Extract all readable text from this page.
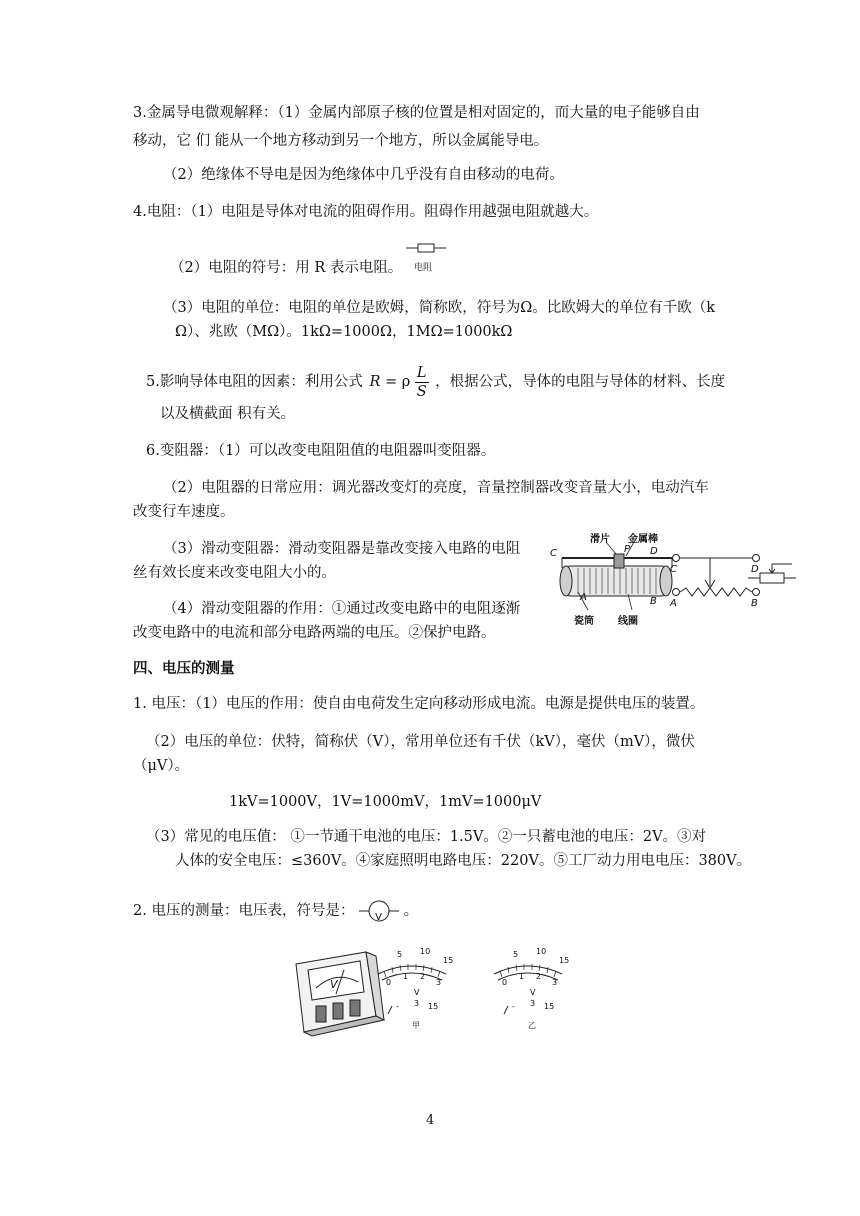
3.金属导电微观解释：（1）金属内部原子核的位置是相对固定的，而大量的电子能够自由
移动，它 们 能从一个地方移动到另一个地方，所以金属能导电。
（2）绝缘体不导电是因为绝缘体中几乎没有自由移动的电荷。
4.电阻：（1）电阻是导体对电流的阻碍作用。阻碍作用越强电阻就越大。
电阻
（2）电阻的符号：用 R 表示电阻。
（3）电阻的单位：电阻的单位是欧姆，简称欧，符号为Ω。比欧姆大的单位有千欧（k
Ω）、兆欧（MΩ）。1kΩ=1000Ω，1MΩ=1000kΩ
5.影响导体电阻的因素：利用公式 R = ρ $\frac{L}{S}$ ，根据公式，导体的电阻与导体的材料、长度
以及横截面 积有关。
6.变阻器：（1）可以改变电阻阻值的电阻器叫变阻器。
（2）电阻器的日常应用：调光器改变灯的亮度，音量控制器改变音量大小，电动汽车
改变行车速度。
（3）滑动变阻器：滑动变阻器是靠改变接入电路的电阻
丝有效长度来改变电阻大小的。
（4）滑动变阻器的作用：①通过改变电路中的电阻逐渐
改变电路中的电流和部分电路两端的电压。②保护电路。
滑片 金属棒
C	P D
A	B
瓷筒 线圈
C	D
A	B
四、电压的测量
1. 电压：（1）电压的作用：使自由电荷发生定向移动形成电流。电源是提供电压的装置。
（2）电压的单位：伏特，简称伏（V），常用单位还有千伏（kV），毫伏（mV），微伏
（μV）。
1kV=1000V，1V=1000mV，1mV=1000μV
（3）常见的电压值： ①一节通干电池的电压：1.5V。②一只蓄电池的电压：2V。③对
人体的安全电压：≤360V。④家庭照明电路电压：220V。⑤工厂动力用电电压：380V。
2. 电压的测量：电压表，符号是： V 。
V
5 10
15
0
1 2
3
V
- 3 15
甲
5 10
15
0
1 2
3
V
- 3 15
乙
4
